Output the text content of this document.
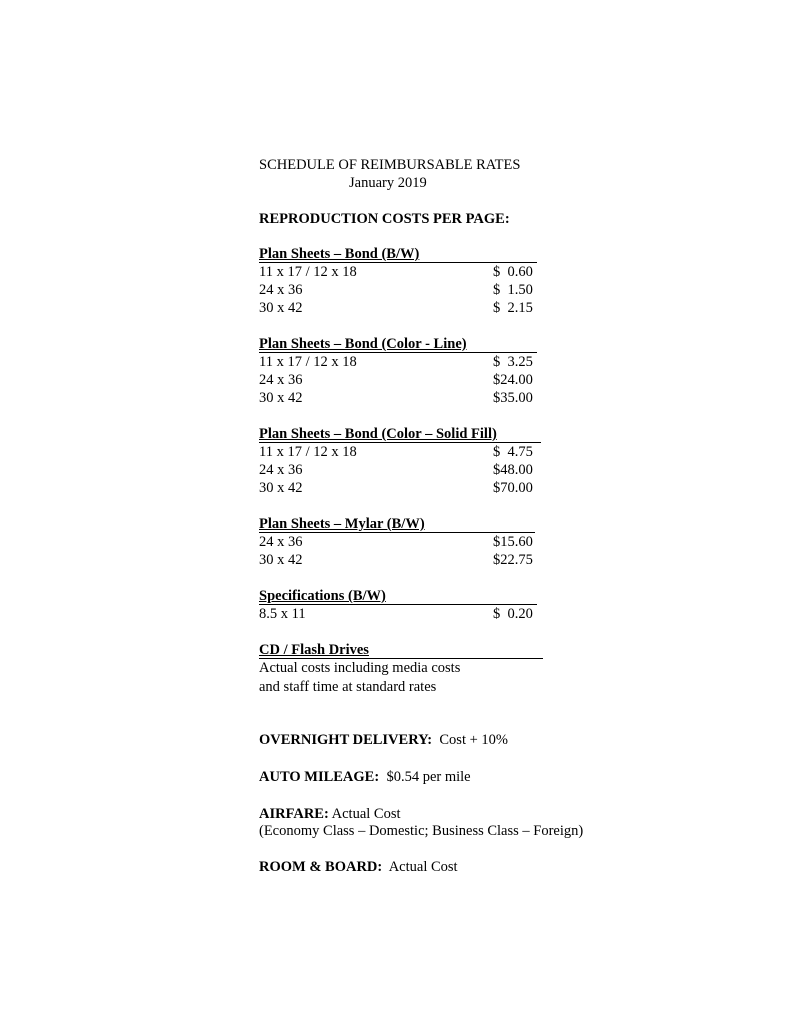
SCHEDULE OF REIMBURSABLE RATES
January 2019
REPRODUCTION COSTS PER PAGE:
Plan Sheets – Bond (B/W)
11 x 17 / 12 x 18	$  0.60
24 x 36	$  1.50
30 x 42	$  2.15
Plan Sheets – Bond (Color - Line)
11 x 17 / 12 x 18	$  3.25
24 x 36	$24.00
30 x 42	$35.00
Plan Sheets – Bond (Color – Solid Fill)
11 x 17 / 12 x 18	$  4.75
24 x 36	$48.00
30 x 42	$70.00
Plan Sheets – Mylar (B/W)
24 x 36	$15.60
30 x 42	$22.75
Specifications (B/W)
8.5 x 11	$  0.20
CD / Flash Drives
Actual costs including media costs
and staff time at standard rates
OVERNIGHT DELIVERY: Cost + 10%
AUTO MILEAGE: $0.54 per mile
AIRFARE: Actual Cost
(Economy Class – Domestic; Business Class – Foreign)
ROOM & BOARD: Actual Cost
